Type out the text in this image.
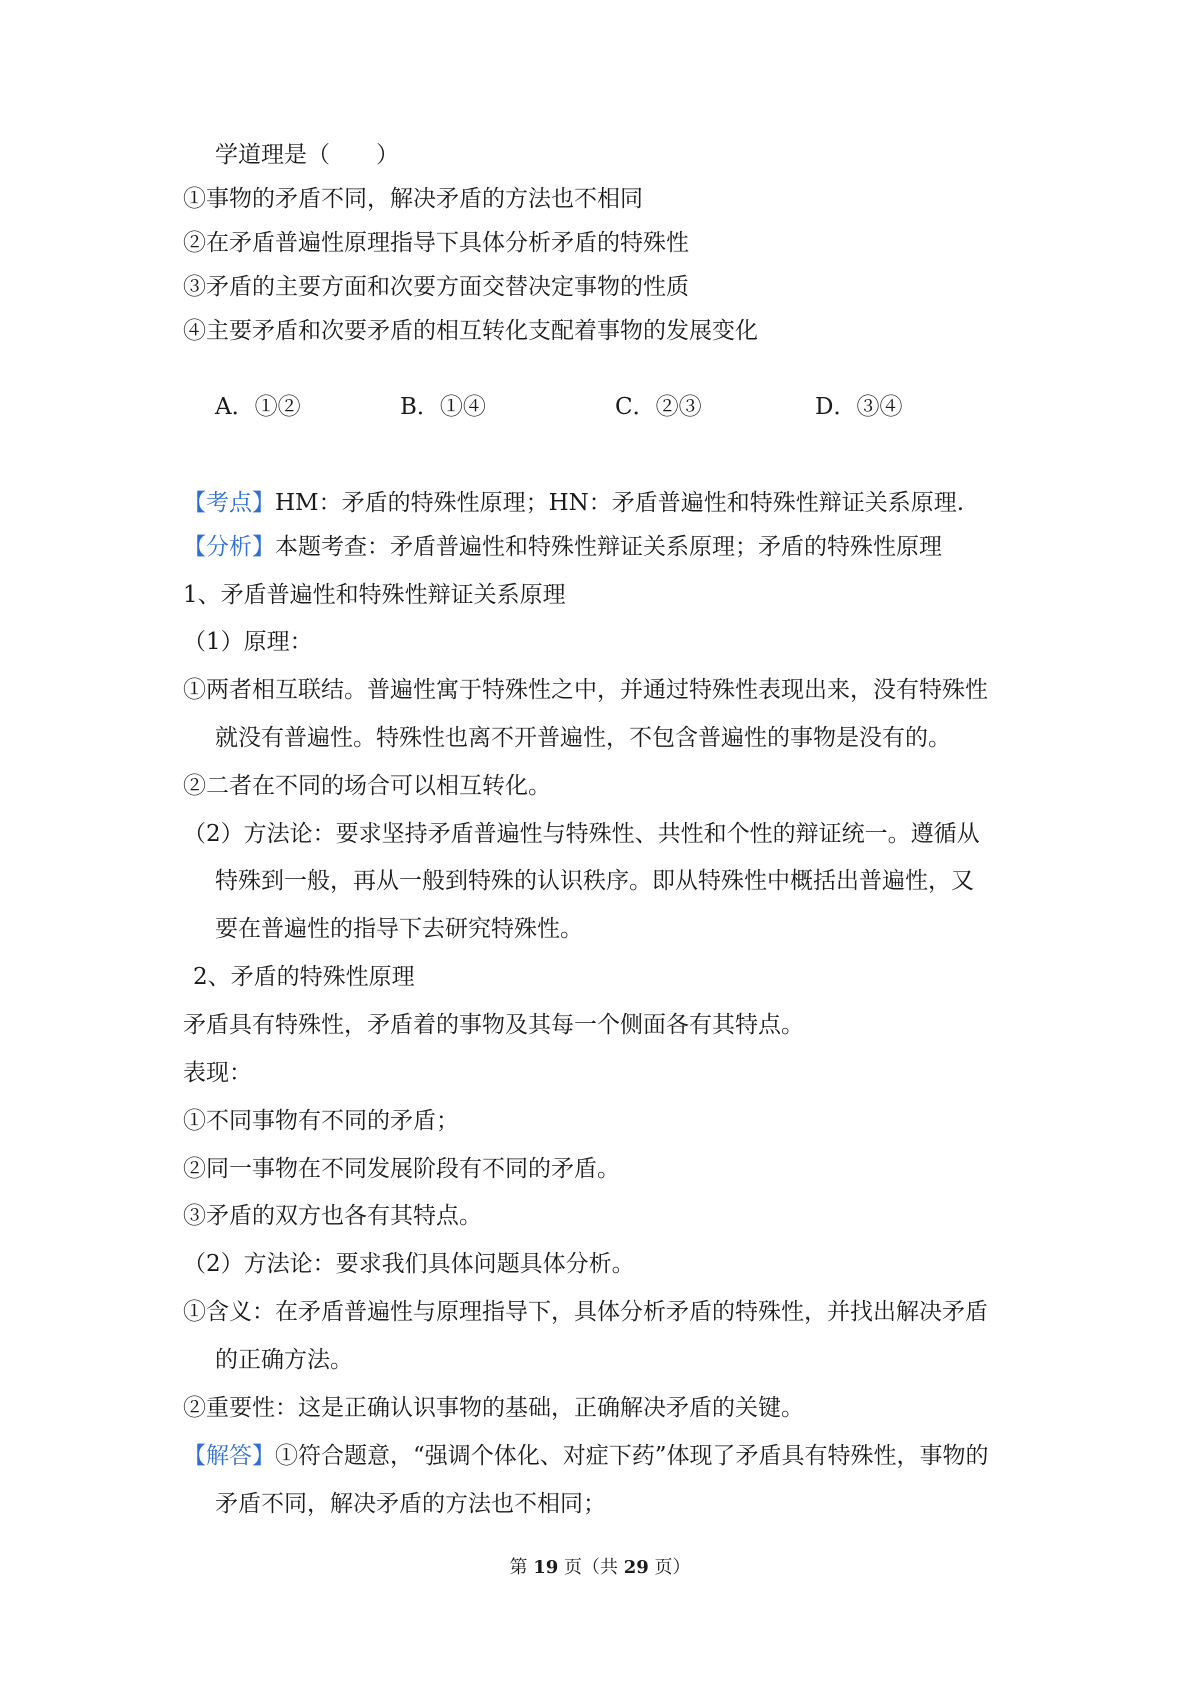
学道理是（　　）
①事物的矛盾不同，解决矛盾的方法也不相同
②在矛盾普遍性原理指导下具体分析矛盾的特殊性
③矛盾的主要方面和次要方面交替决定事物的性质
④主要矛盾和次要矛盾的相互转化支配着事物的发展变化
A．①②	B．①④	C．②③	D．③④
【考点】HM：矛盾的特殊性原理；HN：矛盾普遍性和特殊性辩证关系原理.
【分析】本题考查：矛盾普遍性和特殊性辩证关系原理；矛盾的特殊性原理
1、矛盾普遍性和特殊性辩证关系原理
（1）原理：
①两者相互联结。普遍性寓于特殊性之中，并通过特殊性表现出来，没有特殊性
就没有普遍性。特殊性也离不开普遍性，不包含普遍性的事物是没有的。
②二者在不同的场合可以相互转化。
（2）方法论：要求坚持矛盾普遍性与特殊性、共性和个性的辩证统一。遵循从
特殊到一般，再从一般到特殊的认识秩序。即从特殊性中概括出普遍性，又
要在普遍性的指导下去研究特殊性。
2、矛盾的特殊性原理
矛盾具有特殊性，矛盾着的事物及其每一个侧面各有其特点。
表现：
①不同事物有不同的矛盾；
②同一事物在不同发展阶段有不同的矛盾。
③矛盾的双方也各有其特点。
（2）方法论：要求我们具体问题具体分析。
①含义：在矛盾普遍性与原理指导下，具体分析矛盾的特殊性，并找出解决矛盾
的正确方法。
②重要性：这是正确认识事物的基础，正确解决矛盾的关键。
【解答】①符合题意，“强调个体化、对症下药”体现了矛盾具有特殊性，事物的
矛盾不同，解决矛盾的方法也不相同；
第 19 页（共 29 页）
